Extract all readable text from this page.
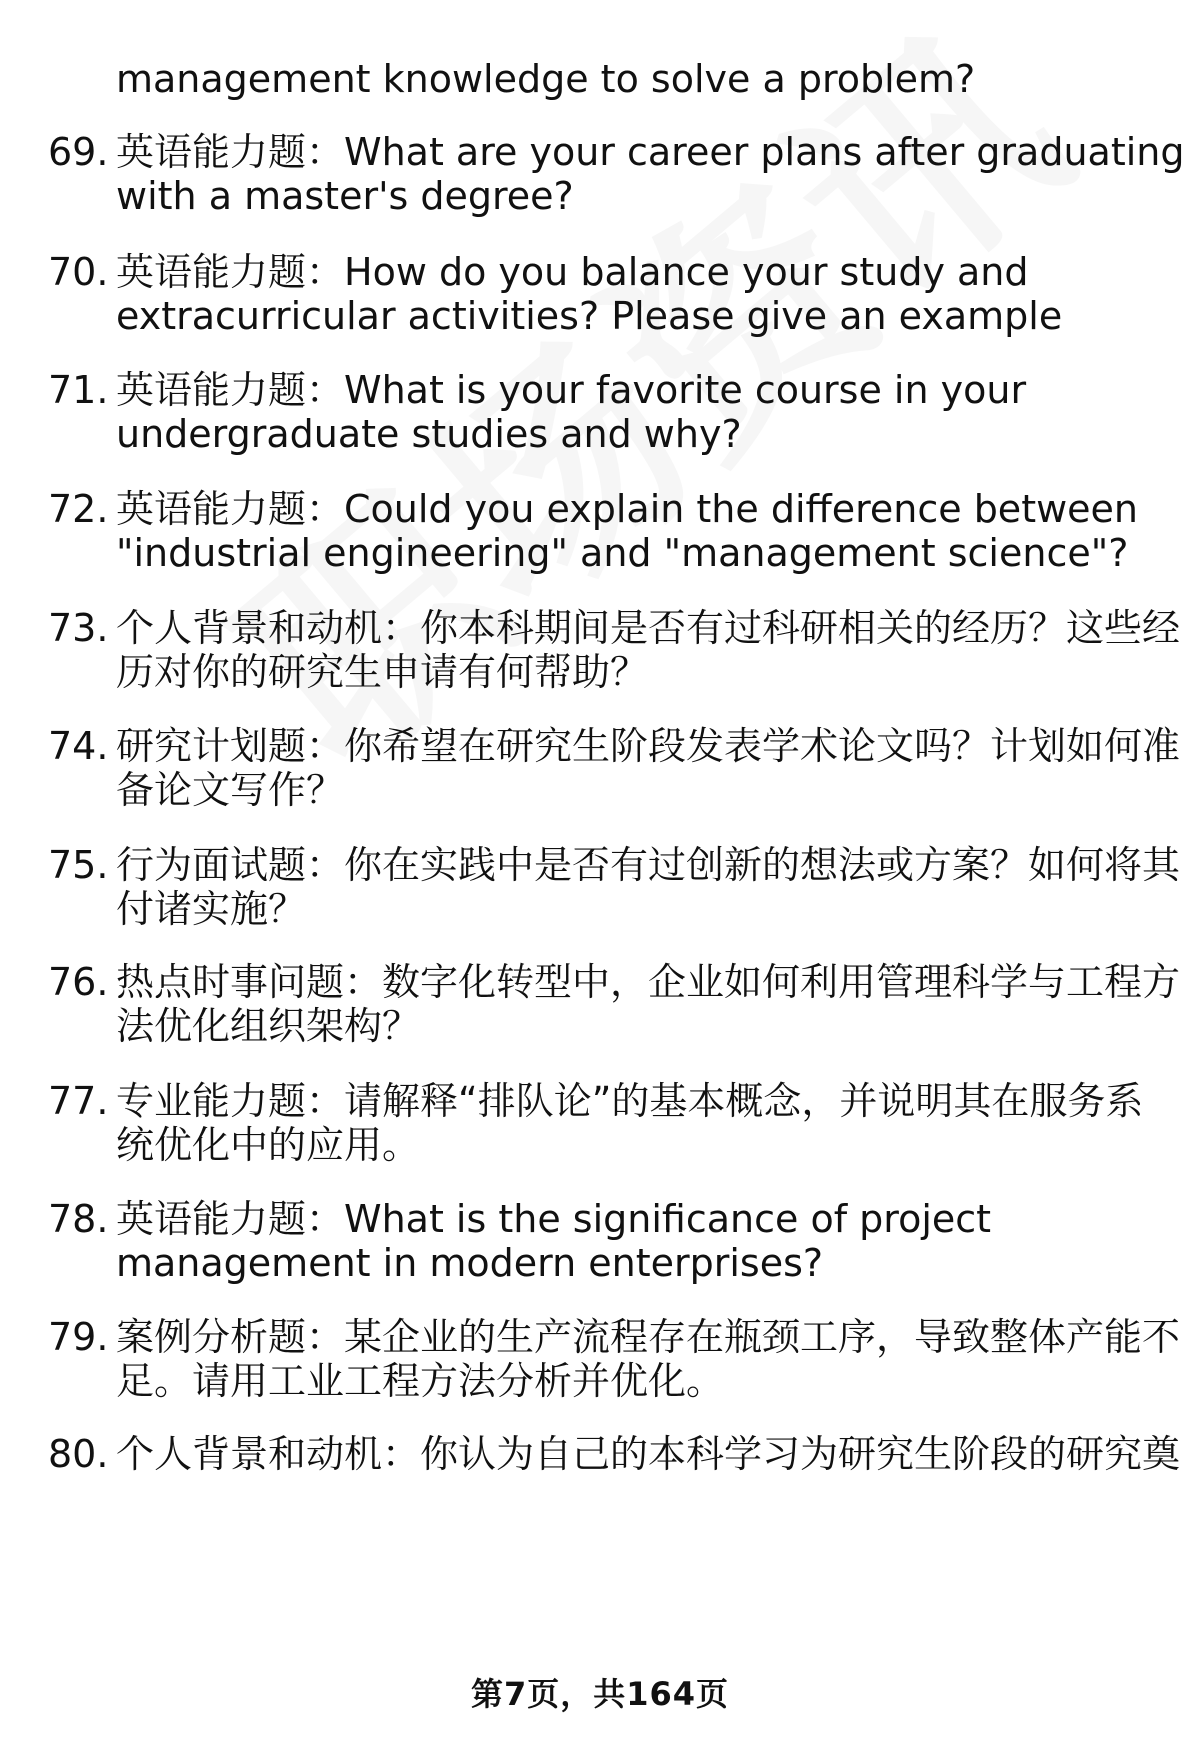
management knowledge to solve a problem?
69. 英语能力题：What are your career plans after graduating
with a master's degree?
70. 英语能力题：How do you balance your study and
extracurricular activities? Please give an example
71. 英语能力题：What is your favorite course in your
undergraduate studies and why?
72. 英语能力题：Could you explain the difference between
"industrial engineering" and "management science"?
73. 个人背景和动机：你本科期间是否有过科研相关的经历？这些经
历对你的研究生申请有何帮助？
74. 研究计划题：你希望在研究生阶段发表学术论文吗？计划如何准
备论文写作？
75. 行为面试题：你在实践中是否有过创新的想法或方案？如何将其
付诸实施？
76. 热点时事问题：数字化转型中，企业如何利用管理科学与工程方
法优化组织架构？
77. 专业能力题：请解释“排队论”的基本概念，并说明其在服务系
统优化中的应用。
78. 英语能力题：What is the significance of project
management in modern enterprises?
79. 案例分析题：某企业的生产流程存在瓶颈工序，导致整体产能不
足。请用工业工程方法分析并优化。
80. 个人背景和动机：你认为自己的本科学习为研究生阶段的研究奠
第7页，共164页
